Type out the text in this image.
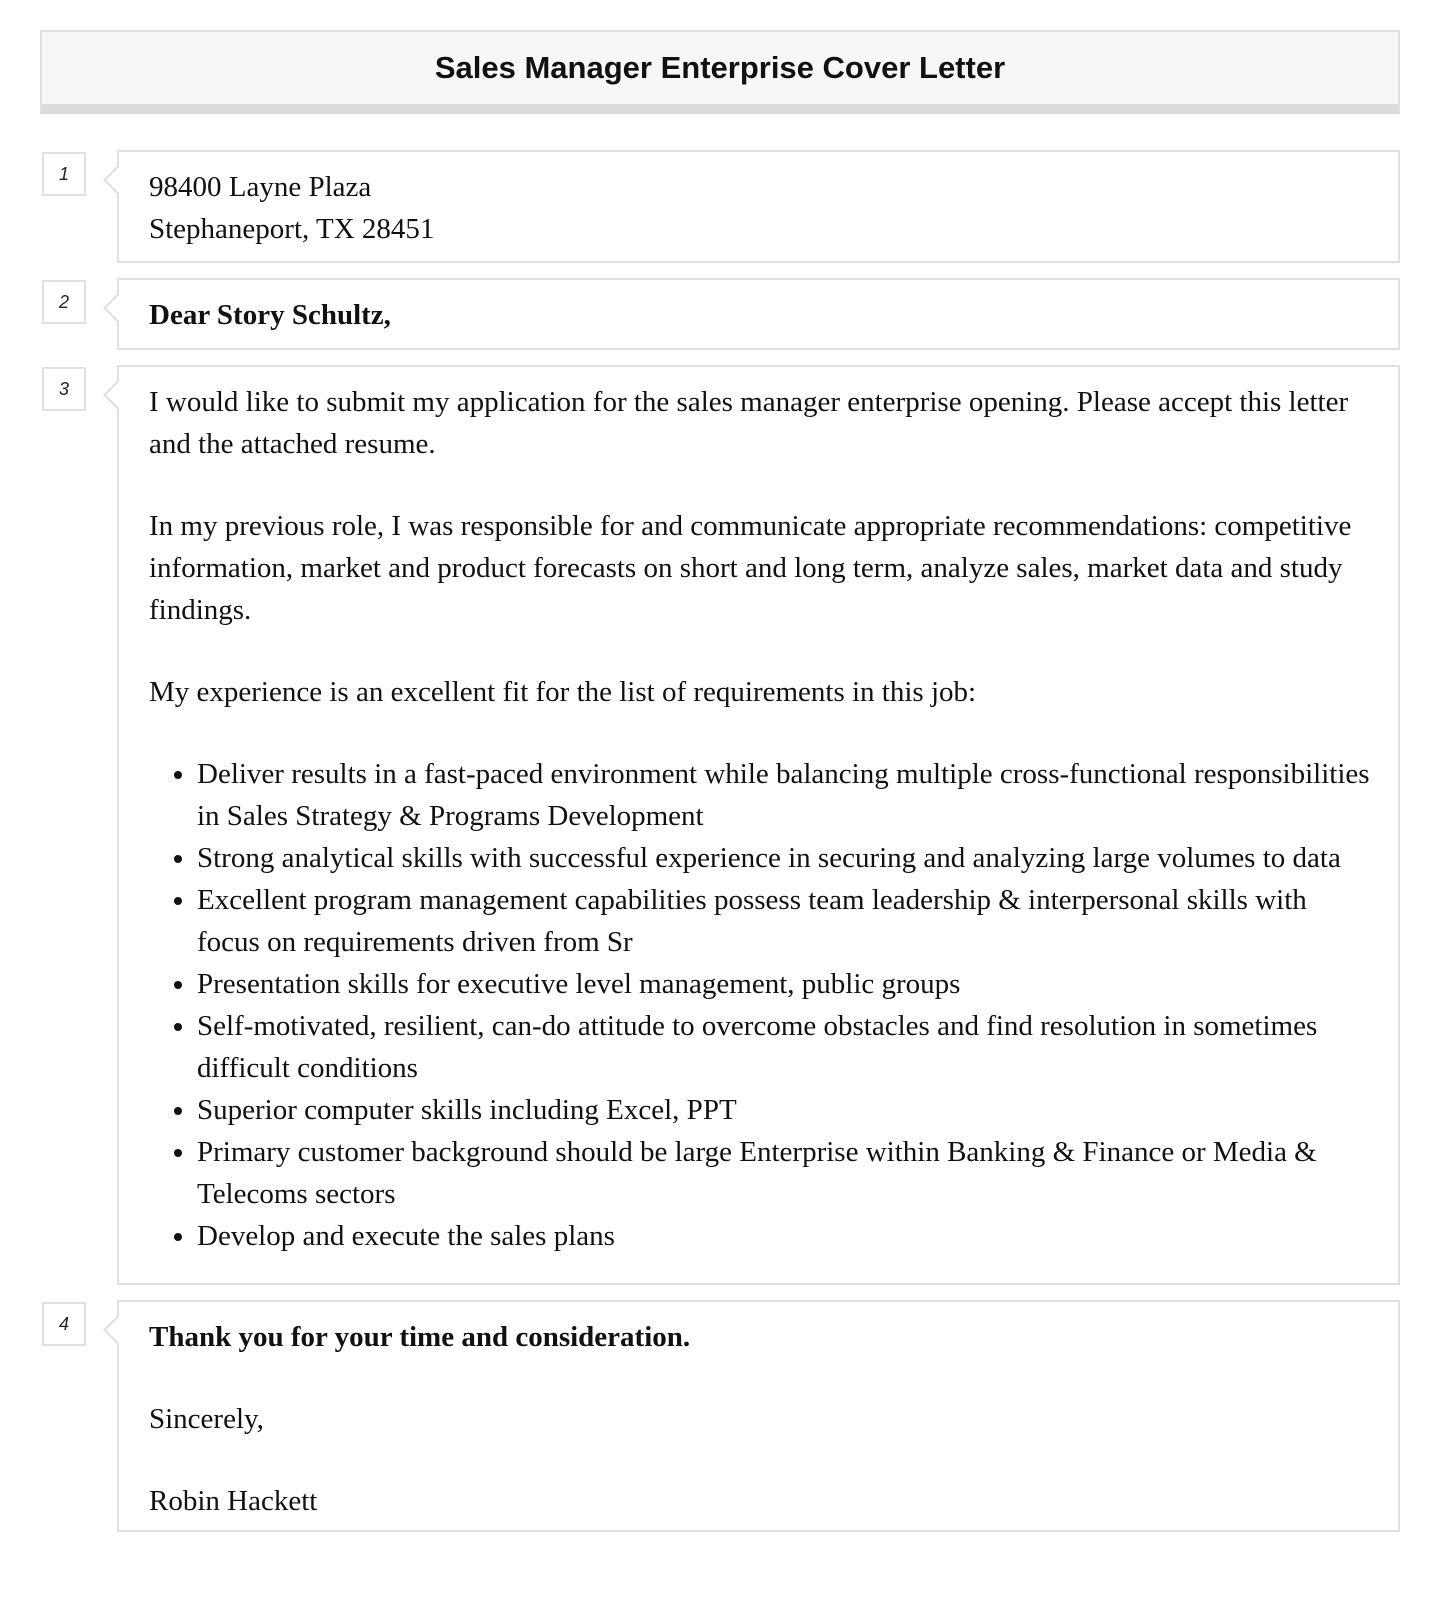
Sales Manager Enterprise Cover Letter
1	98400 Layne Plaza

Stephaneport, TX 28451

2	Dear Story Schultz,

3	I would like to submit my application for the sales manager enterprise opening. Please accept this letter and the attached resume.

In my previous role, I was responsible for and communicate appropriate recommendations: competitive information, market and product forecasts on short and long term, analyze sales, market data and study findings.

My experience is an excellent fit for the list of requirements in this job:

• Deliver results in a fast-paced environment while balancing multiple cross-functional responsibilities in Sales Strategy & Programs Development
• Strong analytical skills with successful experience in securing and analyzing large volumes to data
• Excellent program management capabilities possess team leadership & interpersonal skills with focus on requirements driven from Sr
• Presentation skills for executive level management, public groups
• Self-motivated, resilient, can-do attitude to overcome obstacles and find resolution in sometimes difficult conditions
• Superior computer skills including Excel, PPT
• Primary customer background should be large Enterprise within Banking & Finance or Media & Telecoms sectors
• Develop and execute the sales plans
4	Thank you for your time and consideration.

Sincerely,

Robin Hackett
